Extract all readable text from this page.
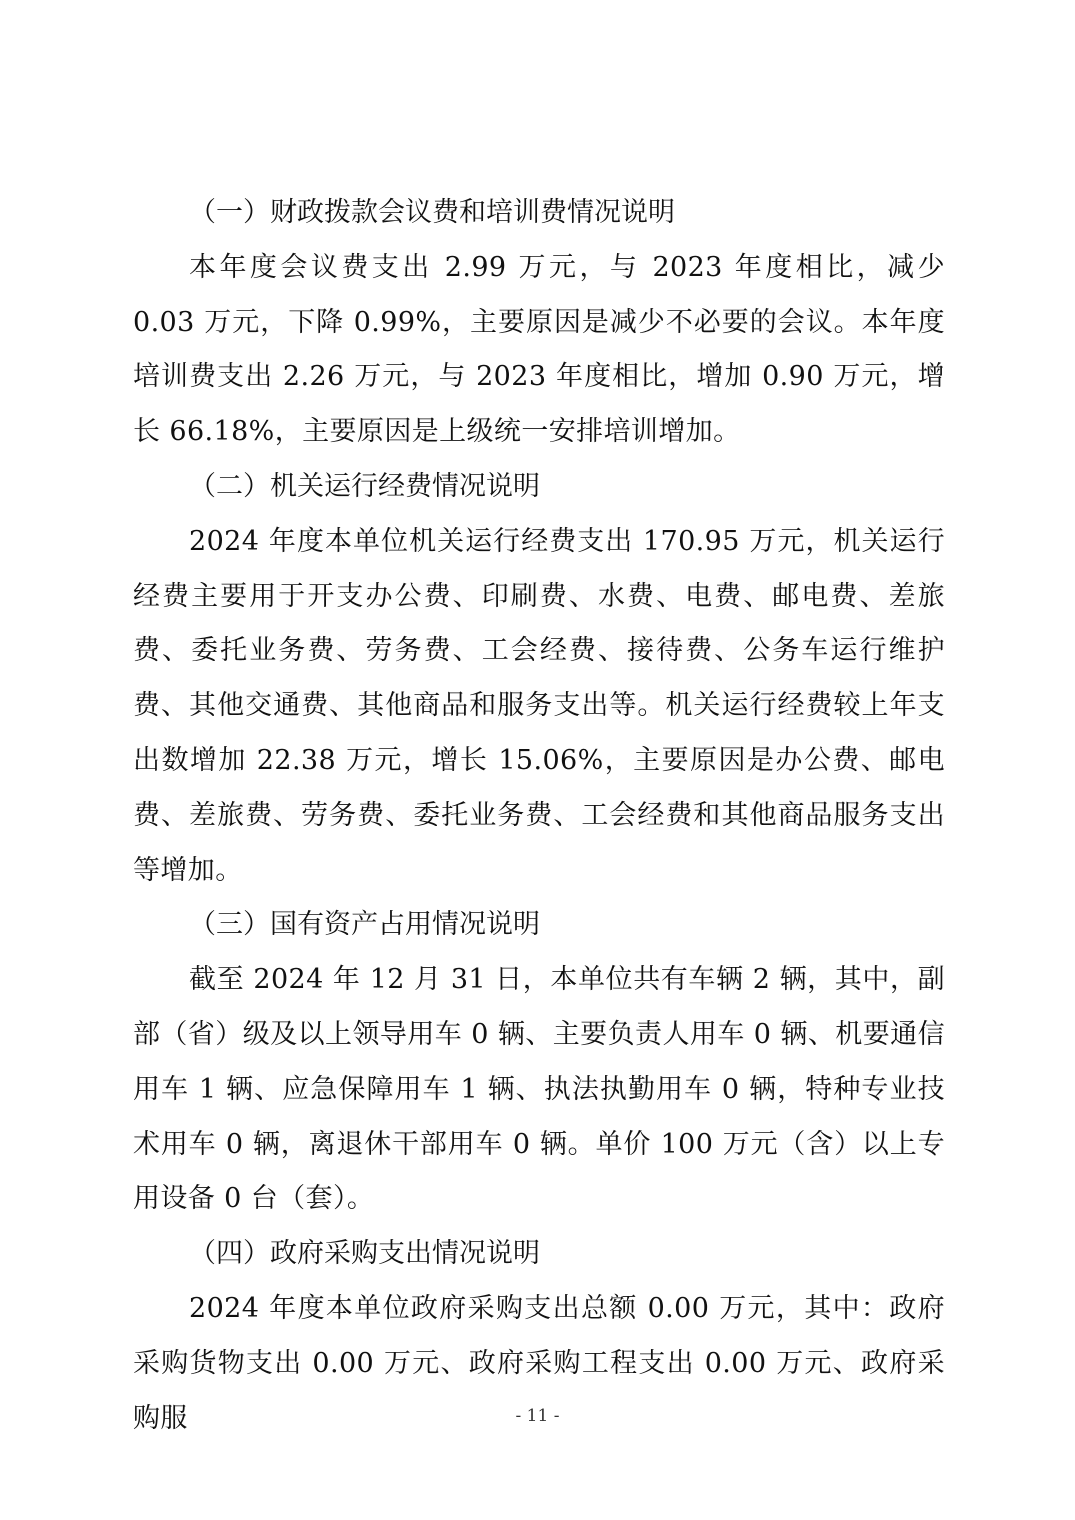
（一）财政拨款会议费和培训费情况说明

本年度会议费支出 2.99 万元，与 2023 年度相比，减少 0.03 万元，下降 0.99%，主要原因是减少不必要的会议。本年度培训费支出 2.26 万元，与 2023 年度相比，增加 0.90 万元，增长 66.18%，主要原因是上级统一安排培训增加。

（二）机关运行经费情况说明

2024 年度本单位机关运行经费支出 170.95 万元，机关运行经费主要用于开支办公费、印刷费、水费、电费、邮电费、差旅费、委托业务费、劳务费、工会经费、接待费、公务车运行维护费、其他交通费、其他商品和服务支出等。机关运行经费较上年支出数增加 22.38 万元，增长 15.06%，主要原因是办公费、邮电费、差旅费、劳务费、委托业务费、工会经费和其他商品服务支出等增加。

（三）国有资产占用情况说明

截至 2024 年 12 月 31 日，本单位共有车辆 2 辆，其中，副部（省）级及以上领导用车 0 辆、主要负责人用车 0 辆、机要通信用车 1 辆、应急保障用车 1 辆、执法执勤用车 0 辆，特种专业技术用车 0 辆，离退休干部用车 0 辆。单价 100 万元（含）以上专用设备 0 台（套）。

（四）政府采购支出情况说明

2024 年度本单位政府采购支出总额 0.00 万元，其中：政府采购货物支出 0.00 万元、政府采购工程支出 0.00 万元、政府采购服	- 11 -
